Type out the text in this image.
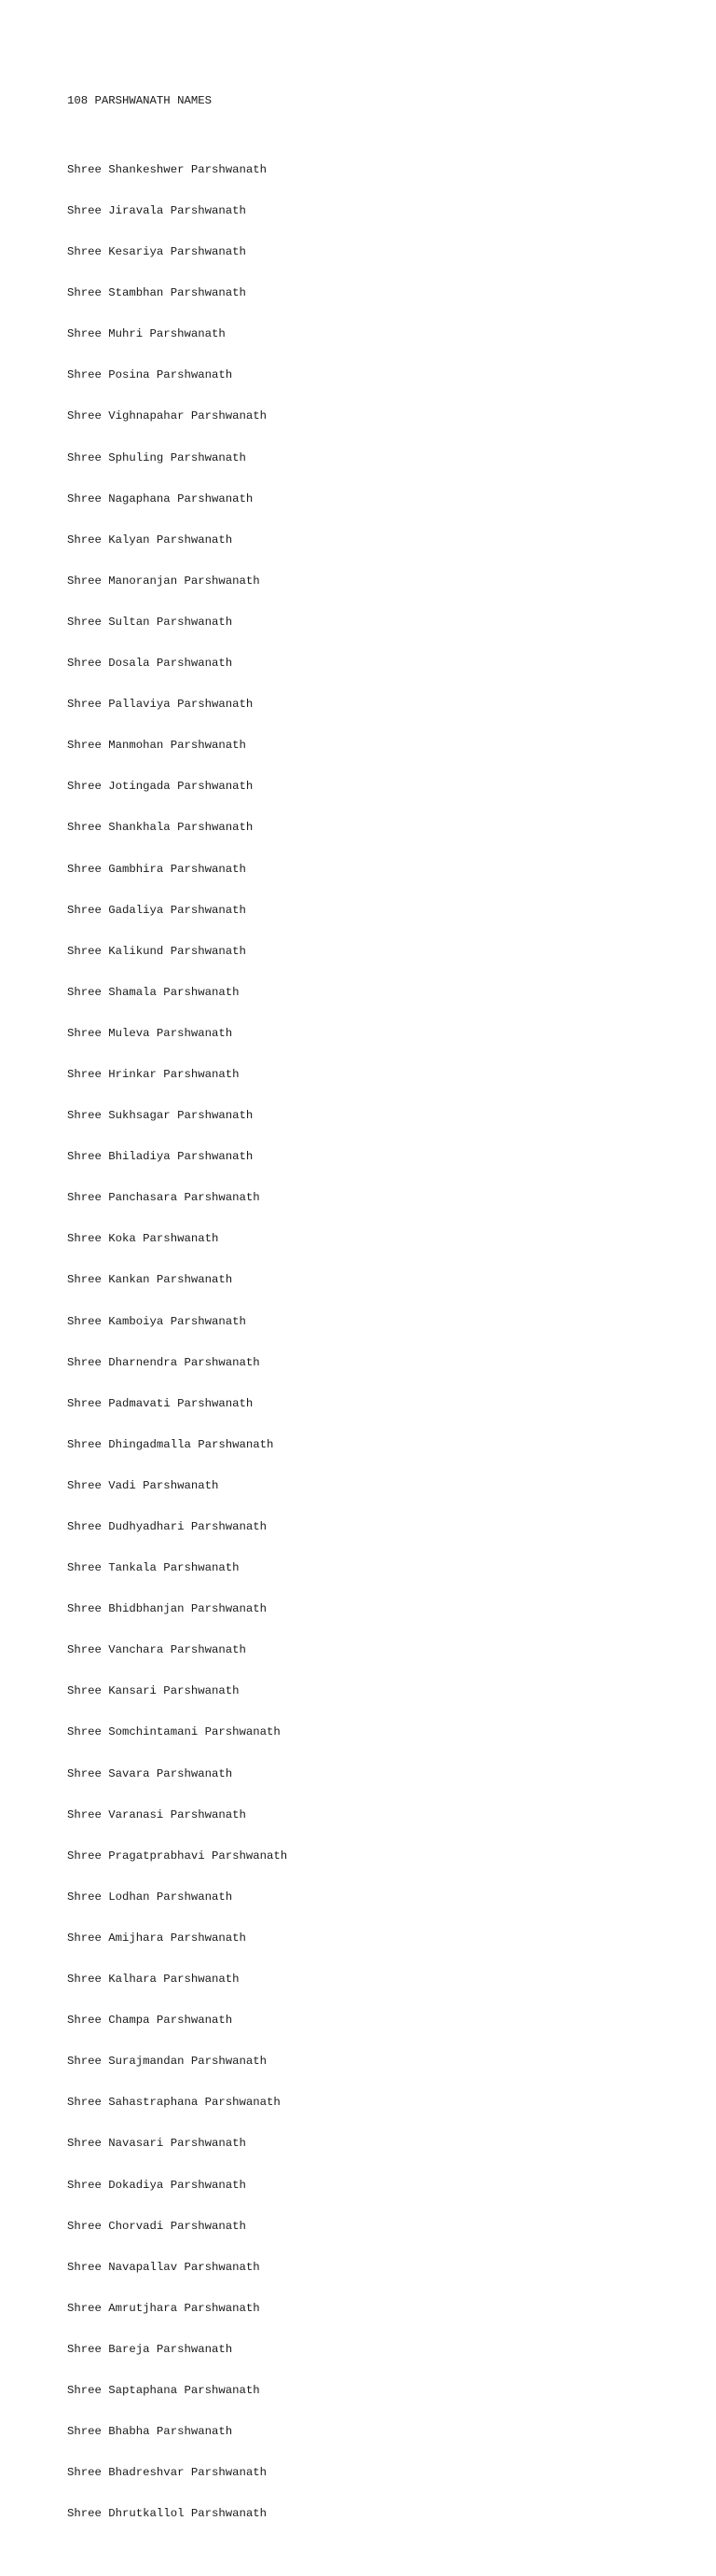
108 PARSHWANATH NAMES

Shree Shankeshwer Parshwanath

Shree Jiravala Parshwanath

Shree Kesariya Parshwanath

Shree Stambhan Parshwanath

Shree Muhri Parshwanath

Shree Posina Parshwanath

Shree Vighnapahar Parshwanath

Shree Sphuling Parshwanath

Shree Nagaphana Parshwanath

Shree Kalyan Parshwanath

Shree Manoranjan Parshwanath

Shree Sultan Parshwanath

Shree Dosala Parshwanath

Shree Pallaviya Parshwanath

Shree Manmohan Parshwanath

Shree Jotingada Parshwanath

Shree Shankhala Parshwanath

Shree Gambhira Parshwanath

Shree Gadaliya Parshwanath

Shree Kalikund Parshwanath

Shree Shamala Parshwanath

Shree Muleva Parshwanath

Shree Hrinkar Parshwanath

Shree Sukhsagar Parshwanath

Shree Bhiladiya Parshwanath

Shree Panchasara Parshwanath

Shree Koka Parshwanath

Shree Kankan Parshwanath

Shree Kamboiya Parshwanath

Shree Dharnendra Parshwanath

Shree Padmavati Parshwanath

Shree Dhingadmalla Parshwanath

Shree Vadi Parshwanath

Shree Dudhyadhari Parshwanath

Shree Tankala Parshwanath

Shree Bhidbhanjan Parshwanath

Shree Vanchara Parshwanath

Shree Kansari Parshwanath

Shree Somchintamani Parshwanath

Shree Savara Parshwanath

Shree Varanasi Parshwanath

Shree Pragatprabhavi Parshwanath

Shree Lodhan Parshwanath

Shree Amijhara Parshwanath

Shree Kalhara Parshwanath

Shree Champa Parshwanath

Shree Surajmandan Parshwanath

Shree Sahastraphana Parshwanath

Shree Navasari Parshwanath

Shree Dokadiya Parshwanath

Shree Chorvadi Parshwanath

Shree Navapallav Parshwanath

Shree Amrutjhara Parshwanath

Shree Bareja Parshwanath

Shree Saptaphana Parshwanath

Shree Bhabha Parshwanath

Shree Bhadreshvar Parshwanath

Shree Dhrutkallol Parshwanath
